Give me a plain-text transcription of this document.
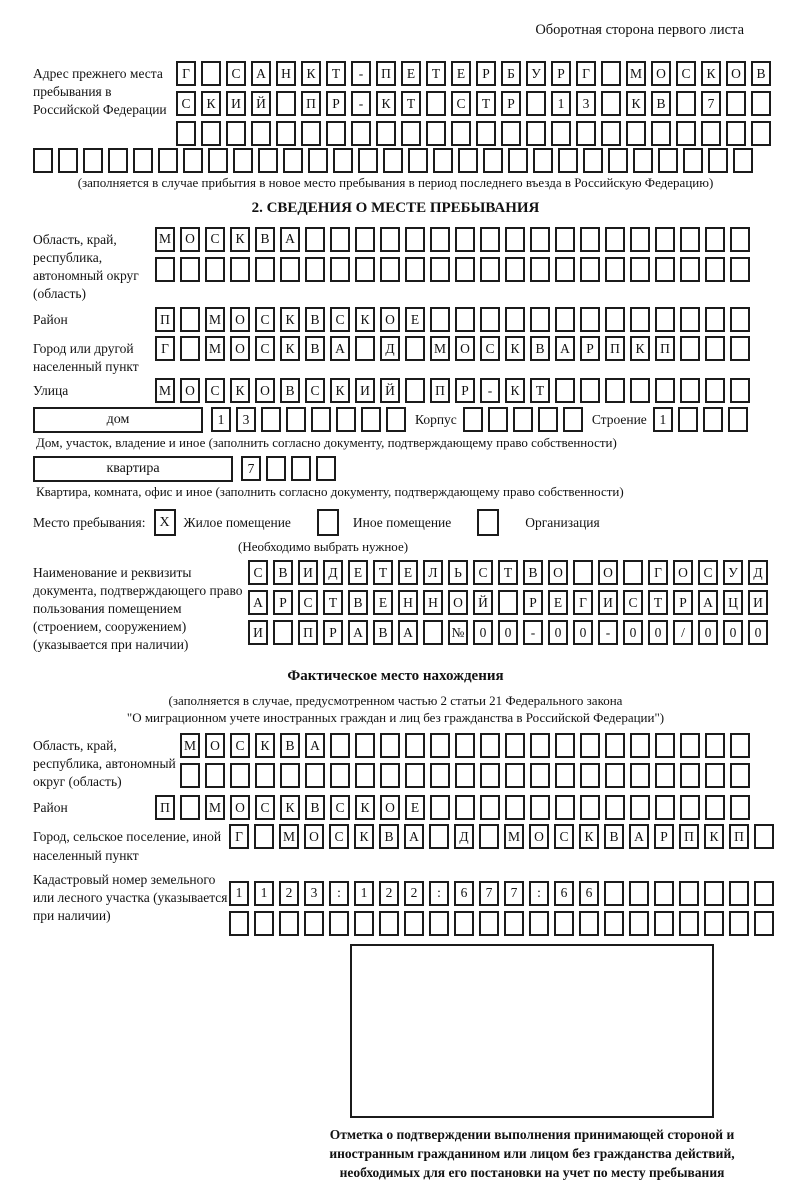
Оборотная сторона первого листа
Адрес прежнего места пребывания в Российской Федерации
Г	С	А	Н	К	Т	-	П	Е	Т	Е	Р	Б	У	Р	Г	М	О	С	К	О	В
С	К	И	Й	П	Р	-	К	Т	С	Т	Р	1	3	К	В	7
(заполняется в случае прибытия в новое место пребывания в период последнего въезда в Российскую Федерацию)
2. СВЕДЕНИЯ О МЕСТЕ ПРЕБЫВАНИЯ
Область, край, республика, автономный округ (область)
М	О	С	К	В	А
Район	П	М	О	С	К	В	С	К	О	Е
Город или другой населенный пункт
Г	М	О	С	К	В	А	Д	М	О	С	К	В	А	Р	П	К	П
Улица	М	О	С	К	О	В	С	К	И	Й	П	Р	-	К	Т
дом	1	3	Корпус	Строение 1
Дом, участок, владение и иное (заполнить согласно документу, подтверждающему право собственности)
квартира	7
Квартира, комната, офис и иное (заполнить согласно документу, подтверждающему право собственности)
Место пребывания: X	Жилое помещение	Иное помещение	Организация
(Необходимо выбрать нужное)
Наименование и реквизиты документа, подтверждающего право пользования помещением (строением, сооружением) (указывается при наличии)
С	В	И	Д	Е	Т	Е	Л	Ь	С	Т	В	О	О	Г	О	С	У	Д
А	Р	С	Т	В	Е	Н	Н	О	Й	Р	Е	Г	И	С	Т	Р	А	Ц	И
И	П	Р	А	В	А	№	0	0	-	0	0	-	0	0	/	0	0	0
Фактическое место нахождения
(заполняется в случае, предусмотренном частью 2 статьи 21 Федерального закона
"О миграционном учете иностранных граждан и лиц без гражданства в Российской Федерации")
Область, край, республика, автономный округ (область)
М	О	С	К	В	А
Район	П	М	О	С	К	В	С	К	О	Е
Город, сельское поселение, иной населенный пункт
Г	М	О	С	К	В	А	Д	М	О	С	К	В	А	Р	П	К	П
Кадастровый номер земельного или лесного участка (указывается при наличии)
1	1	2	3	:	1	2	2	:	6	7	7	:	6	6
Отметка о подтверждении выполнения принимающей стороной и иностранным гражданином или лицом без гражданства действий, необходимых для его постановки на учет по месту пребывания
